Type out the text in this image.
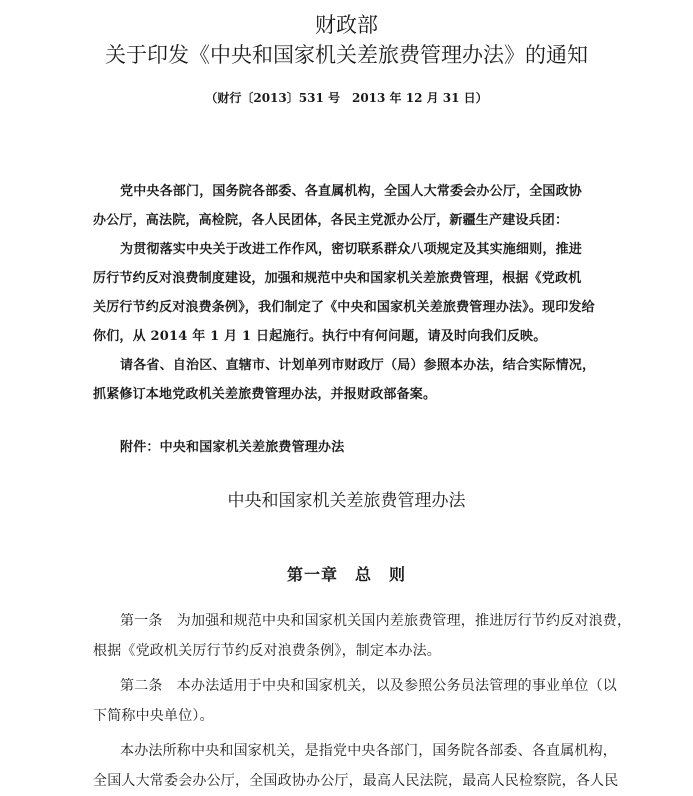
财政部
关于印发《中央和国家机关差旅费管理办法》的通知
（财行〔2013〕531 号　2013 年 12 月 31 日）
党中央各部门，国务院各部委、各直属机构，全国人大常委会办公厅，全国政协
办公厅，高法院，高检院，各人民团体，各民主党派办公厅，新疆生产建设兵团：
为贯彻落实中央关于改进工作作风，密切联系群众八项规定及其实施细则，推进
厉行节约反对浪费制度建设，加强和规范中央和国家机关差旅费管理，根据《党政机
关厉行节约反对浪费条例》，我们制定了《中央和国家机关差旅费管理办法》。现印发给
你们，从 2014 年 1 月 1 日起施行。执行中有何问题，请及时向我们反映。
请各省、自治区、直辖市、计划单列市财政厅（局）参照本办法，结合实际情况，
抓紧修订本地党政机关差旅费管理办法，并报财政部备案。
附件：中央和国家机关差旅费管理办法
中央和国家机关差旅费管理办法
第一章　总　则
第一条　为加强和规范中央和国家机关国内差旅费管理，推进厉行节约反对浪费，
根据《党政机关厉行节约反对浪费条例》，制定本办法。
第二条　本办法适用于中央和国家机关，以及参照公务员法管理的事业单位（以
下简称中央单位）。
本办法所称中央和国家机关，是指党中央各部门，国务院各部委、各直属机构，
全国人大常委会办公厅，全国政协办公厅，最高人民法院，最高人民检察院，各人民
